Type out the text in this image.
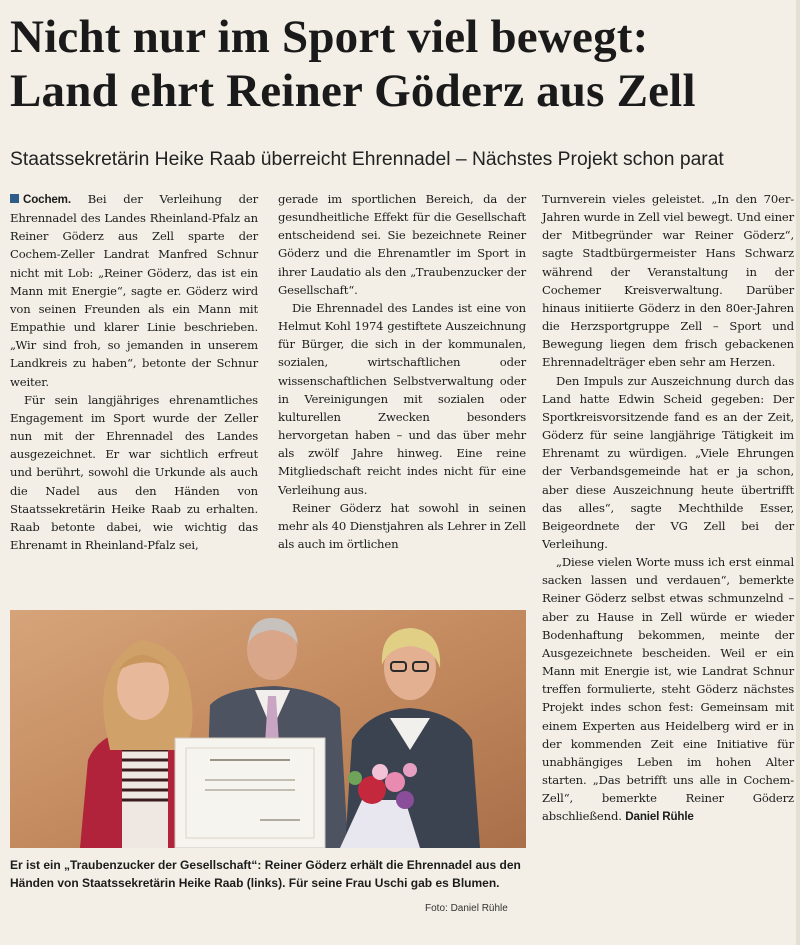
Nicht nur im Sport viel bewegt:
Land ehrt Reiner Göderz aus Zell

Staatssekretärin Heike Raab überreicht Ehrennadel – Nächstes Projekt schon parat

Cochem. Bei der Verleihung der Ehrennadel des Landes Rheinland-Pfalz an Reiner Göderz aus Zell sparte der Cochem-Zeller Landrat Manfred Schnur nicht mit Lob: „Reiner Göderz, das ist ein Mann mit Energie“, sagte er. Göderz wird von seinen Freunden als ein Mann mit Empathie und klarer Linie beschrieben. „Wir sind froh, so jemanden in unserem Landkreis zu haben“, betonte der Schnur weiter.

Für sein langjähriges ehrenamtliches Engagement im Sport wurde der Zeller nun mit der Ehrennadel des Landes ausgezeichnet. Er war sichtlich erfreut und berührt, sowohl die Urkunde als auch die Nadel aus den Händen von Staatssekretärin Heike Raab zu erhalten. Raab betonte dabei, wie wichtig das Ehrenamt in Rheinland-Pfalz sei,

gerade im sportlichen Bereich, da der gesundheitliche Effekt für die Gesellschaft entscheidend sei. Sie bezeichnete Reiner Göderz und die Ehrenamtler im Sport in ihrer Laudatio als den „Traubenzucker der Gesellschaft“.

Die Ehrennadel des Landes ist eine von Helmut Kohl 1974 gestiftete Auszeichnung für Bürger, die sich in der kommunalen, sozialen, wirtschaftlichen oder wissenschaftlichen Selbstverwaltung oder in Vereinigungen mit sozialen oder kulturellen Zwecken besonders hervorgetan haben – und das über mehr als zwölf Jahre hinweg. Eine reine Mitgliedschaft reicht indes nicht für eine Verleihung aus.

Reiner Göderz hat sowohl in seinen mehr als 40 Dienstjahren als Lehrer in Zell als auch im örtlichen

Turnverein vieles geleistet. „In den 70er-Jahren wurde in Zell viel bewegt. Und einer der Mitbegründer war Reiner Göderz“, sagte Stadtbürgermeister Hans Schwarz während der Veranstaltung in der Cochemer Kreisverwaltung. Darüber hinaus initiierte Göderz in den 80er-Jahren die Herzsportgruppe Zell – Sport und Bewegung liegen dem frisch gebackenen Ehrennadelträger eben sehr am Herzen.

Den Impuls zur Auszeichnung durch das Land hatte Edwin Scheid gegeben: Der Sportkreisvorsitzende fand es an der Zeit, Göderz für seine langjährige Tätigkeit im Ehrenamt zu würdigen. „Viele Ehrungen der Verbandsgemeinde hat er ja schon, aber diese Auszeichnung heute übertrifft das alles“, sagte Mechthilde Esser, Beigeordnete der VG Zell bei der Verleihung.

„Diese vielen Worte muss ich erst einmal sacken lassen und verdauen“, bemerkte Reiner Göderz selbst etwas schmunzelnd – aber zu Hause in Zell würde er wieder Bodenhaftung bekommen, meinte der Ausgezeichnete bescheiden. Weil er ein Mann mit Energie ist, wie Landrat Schnur treffen formulierte, steht Göderz nächstes Projekt indes schon fest: Gemeinsam mit einem Experten aus Heidelberg wird er in der kommenden Zeit eine Initiative für unabhängiges Leben im hohen Alter starten. „Das betrifft uns alle in Cochem-Zell“, bemerkte Reiner Göderz abschließend. Daniel Rühle

Er ist ein „Traubenzucker der Gesellschaft“: Reiner Göderz erhält die Ehrennadel aus den Händen von Staatssekretärin Heike Raab (links). Für seine Frau Uschi gab es Blumen.

Foto: Daniel Rühle
